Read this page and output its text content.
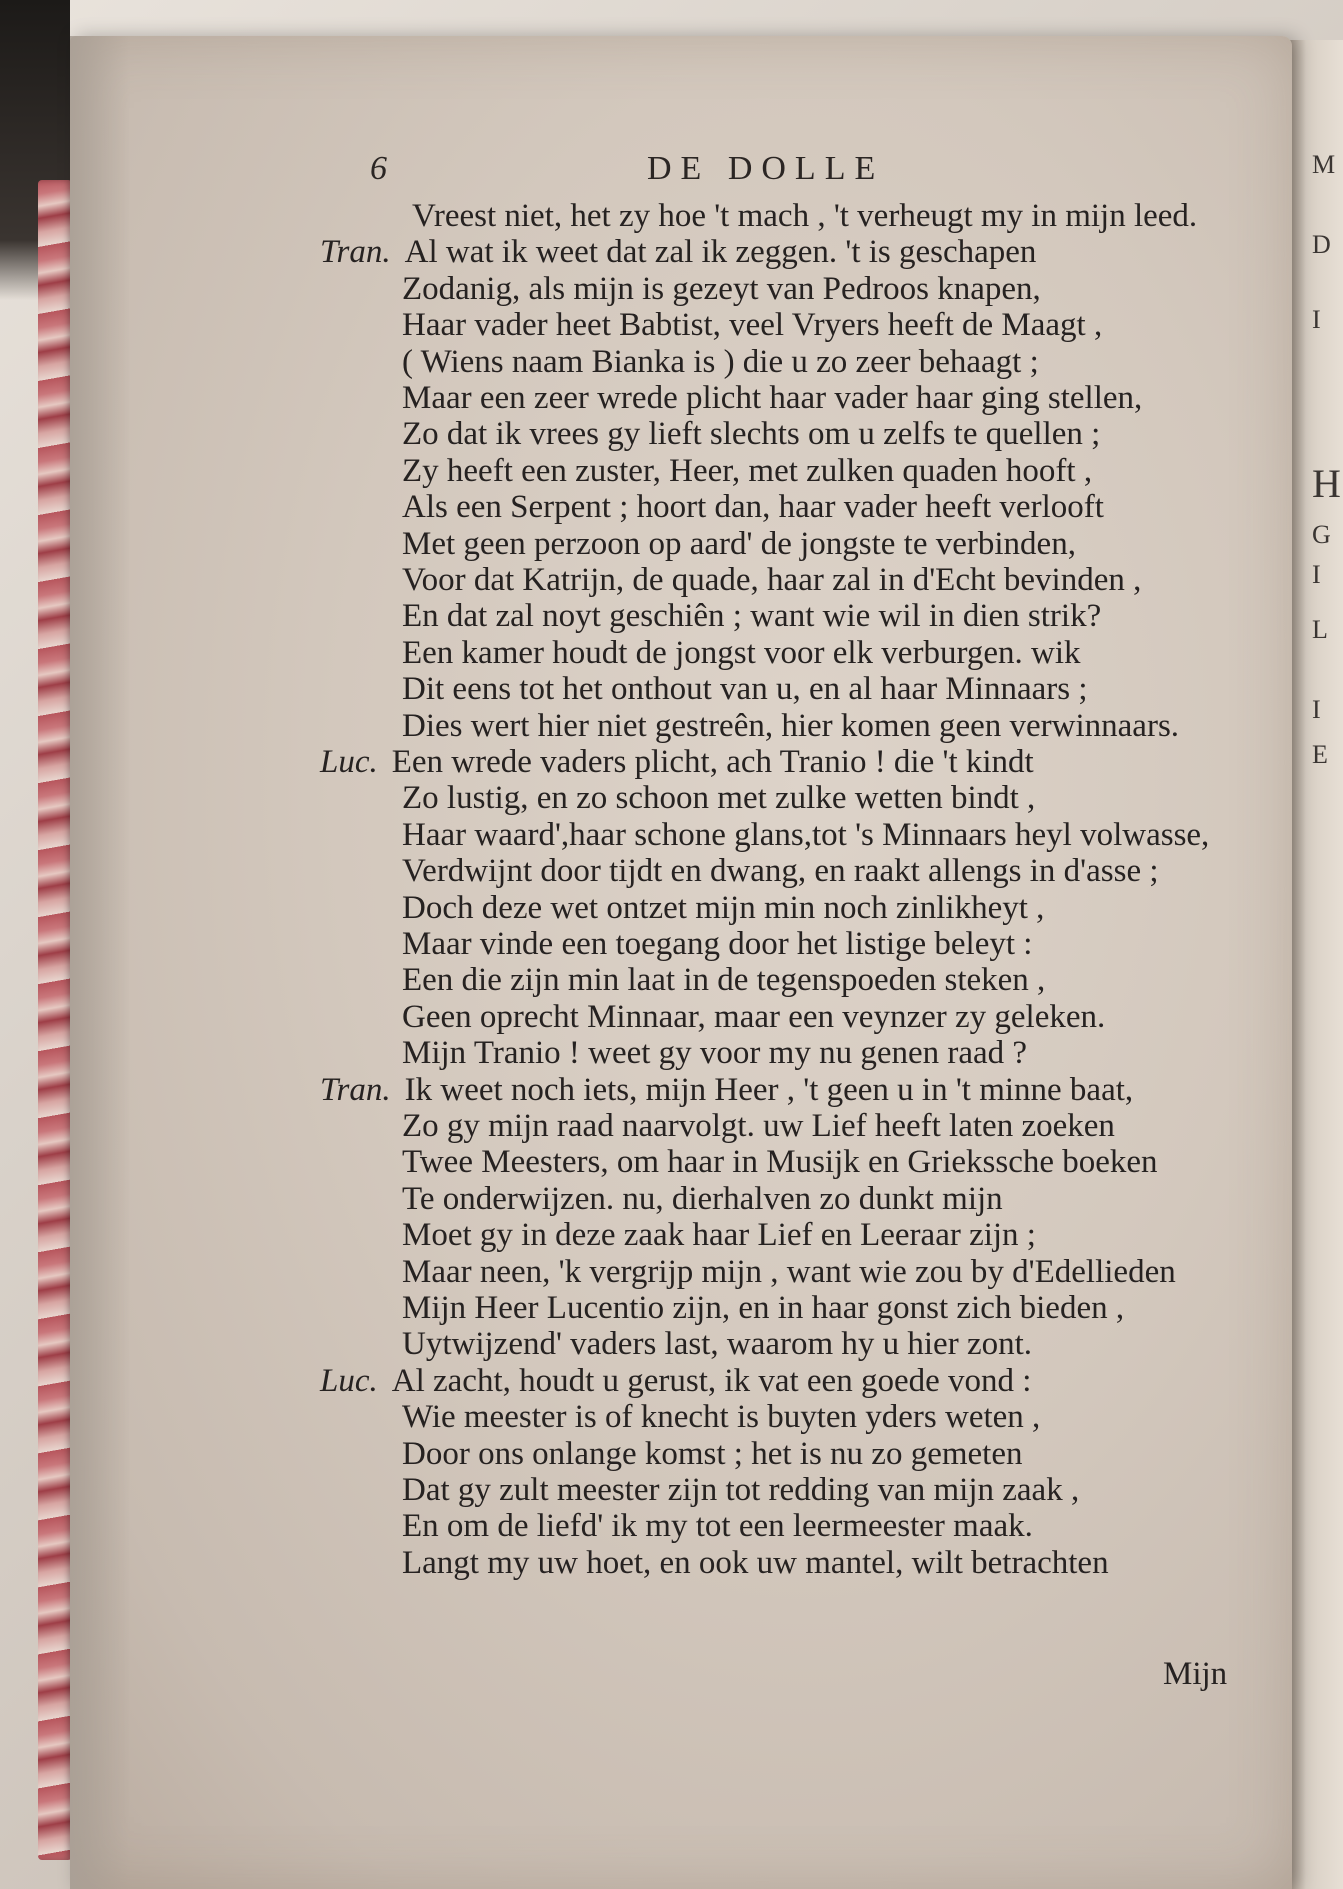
M
D
I
H
G
I
L
I
E
6	DE DOLLE
Vreest niet, het zy hoe 't mach , 't verheugt my in mijn leed.
Tran. Al wat ik weet dat zal ik zeggen. 't is geschapen
Zodanig, als mijn is gezeyt van Pedroos knapen,
Haar vader heet Babtist, veel Vryers heeft de Maagt ,
( Wiens naam Bianka is ) die u zo zeer behaagt ;
Maar een zeer wrede plicht haar vader haar ging stellen,
Zo dat ik vrees gy lieft slechts om u zelfs te quellen ;
Zy heeft een zuster, Heer, met zulken quaden hooft ,
Als een Serpent ; hoort dan, haar vader heeft verlooft
Met geen perzoon op aard' de jongste te verbinden,
Voor dat Katrijn, de quade, haar zal in d'Echt bevinden ,
En dat zal noyt geschiên ; want wie wil in dien strik?
Een kamer houdt de jongst voor elk verburgen. wik
Dit eens tot het onthout van u, en al haar Minnaars ;
Dies wert hier niet gestreên, hier komen geen verwinnaars.
Luc. Een wrede vaders plicht, ach Tranio ! die 't kindt
Zo lustig, en zo schoon met zulke wetten bindt ,
Haar waard',haar schone glans,tot 's Minnaars heyl volwasse,
Verdwijnt door tijdt en dwang, en raakt allengs in d'asse ;
Doch deze wet ontzet mijn min noch zinlikheyt ,
Maar vinde een toegang door het listige beleyt :
Een die zijn min laat in de tegenspoeden steken ,
Geen oprecht Minnaar, maar een veynzer zy geleken.
Mijn Tranio ! weet gy voor my nu genen raad ?
Tran. Ik weet noch iets, mijn Heer , 't geen u in 't minne baat,
Zo gy mijn raad naarvolgt. uw Lief heeft laten zoeken
Twee Meesters, om haar in Musijk en Griekssche boeken
Te onderwijzen. nu, dierhalven zo dunkt mijn
Moet gy in deze zaak haar Lief en Leeraar zijn ;
Maar neen, 'k vergrijp mijn , want wie zou by d'Edellieden
Mijn Heer Lucentio zijn, en in haar gonst zich bieden ,
Uytwijzend' vaders last, waarom hy u hier zont.
Luc. Al zacht, houdt u gerust, ik vat een goede vond :
Wie meester is of knecht is buyten yders weten ,
Door ons onlange komst ; het is nu zo gemeten
Dat gy zult meester zijn tot redding van mijn zaak ,
En om de liefd' ik my tot een leermeester maak.
Langt my uw hoet, en ook uw mantel, wilt betrachten
Mijn
